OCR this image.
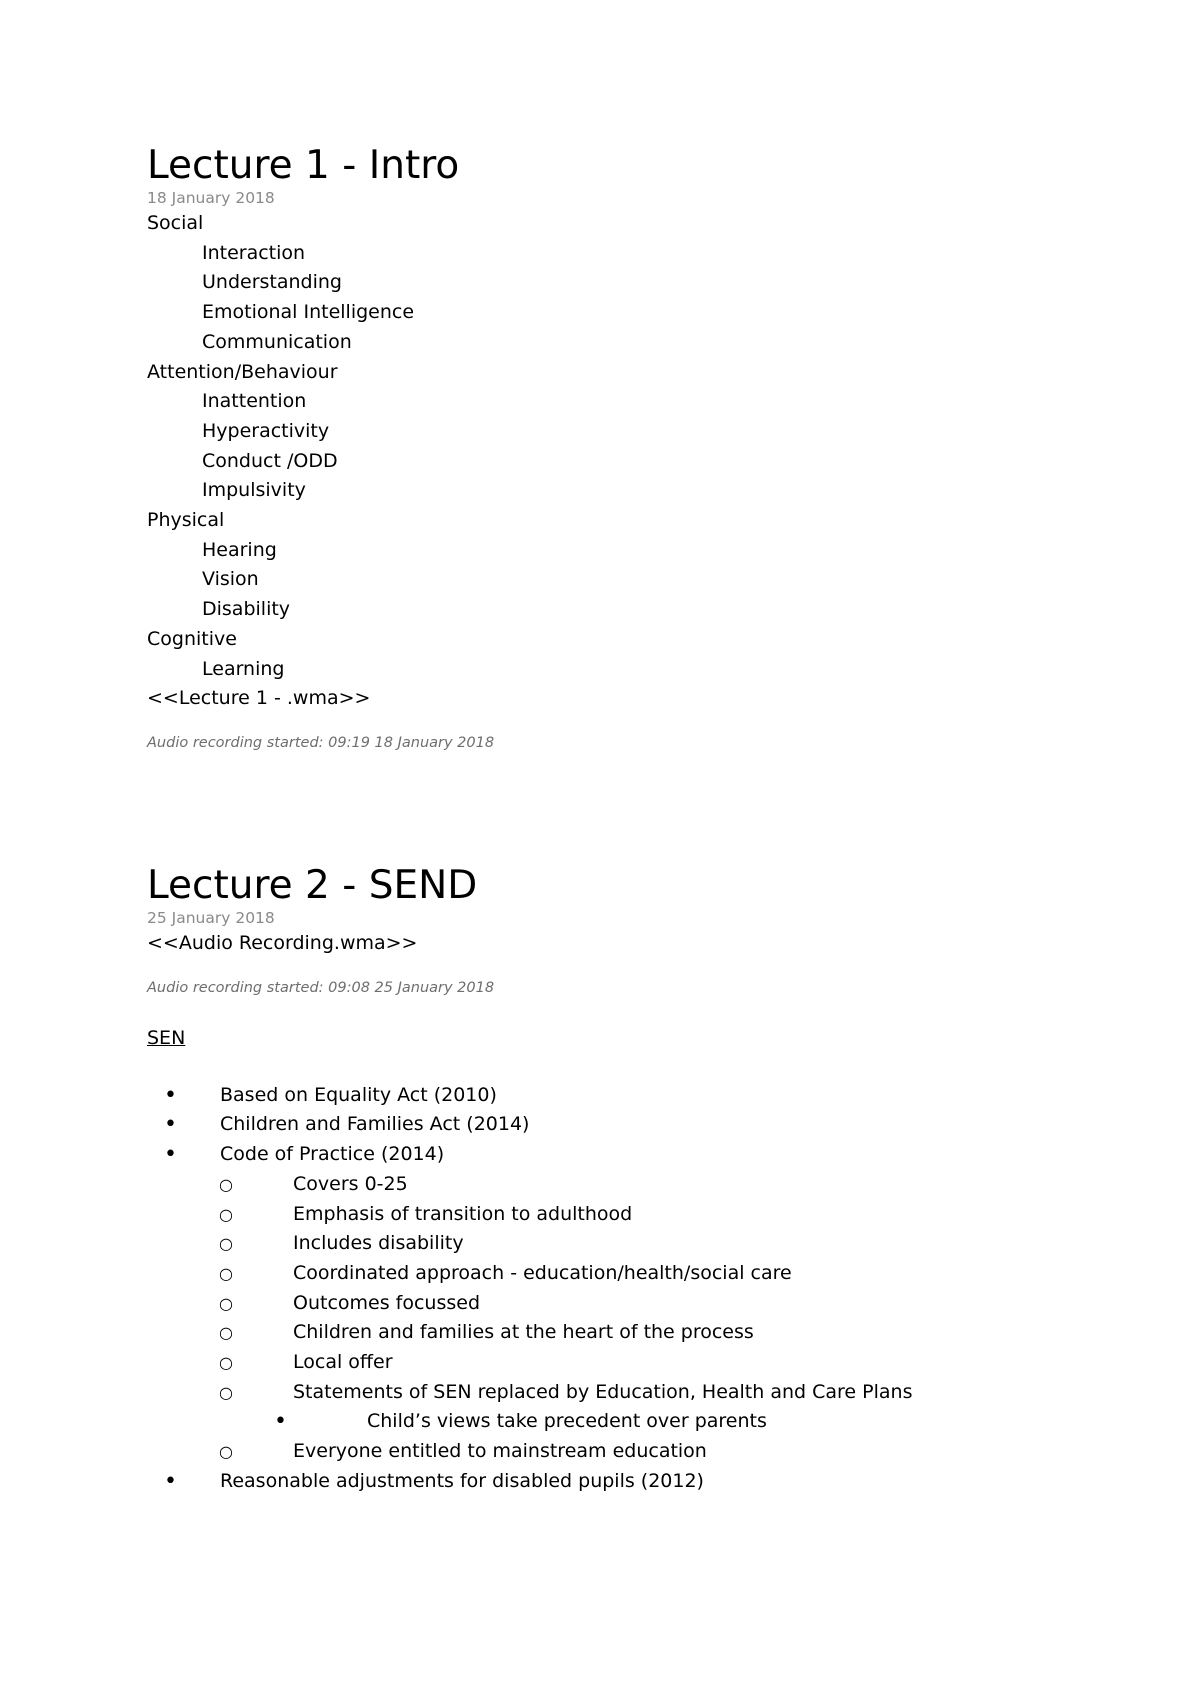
Lecture 1 - Intro

18 January 2018

Social

Interaction

Understanding

Emotional Intelligence

Communication

Attention/Behaviour

Inattention

Hyperactivity

Conduct /ODD

Impulsivity

Physical

Hearing

Vision

Disability

Cognitive

Learning

<<Lecture 1 - .wma>>

Audio recording started: 09:19 18 January 2018

Lecture 2 - SEND

25 January 2018

<<Audio Recording.wma>>

Audio recording started: 09:08 25 January 2018

SEN

• Based on Equality Act (2010)
• Children and Families Act (2014)
• Code of Practice (2014)
○	Covers 0-25
○	Emphasis of transition to adulthood
○	Includes disability
○	Coordinated approach - education/health/social care
○	Outcomes focussed
○	Children and families at the heart of the process
○	Local offer
○	Statements of SEN replaced by Education, Health and Care Plans
•	Child’s views take precedent over parents
○	Everyone entitled to mainstream education
• Reasonable adjustments for disabled pupils (2012)
